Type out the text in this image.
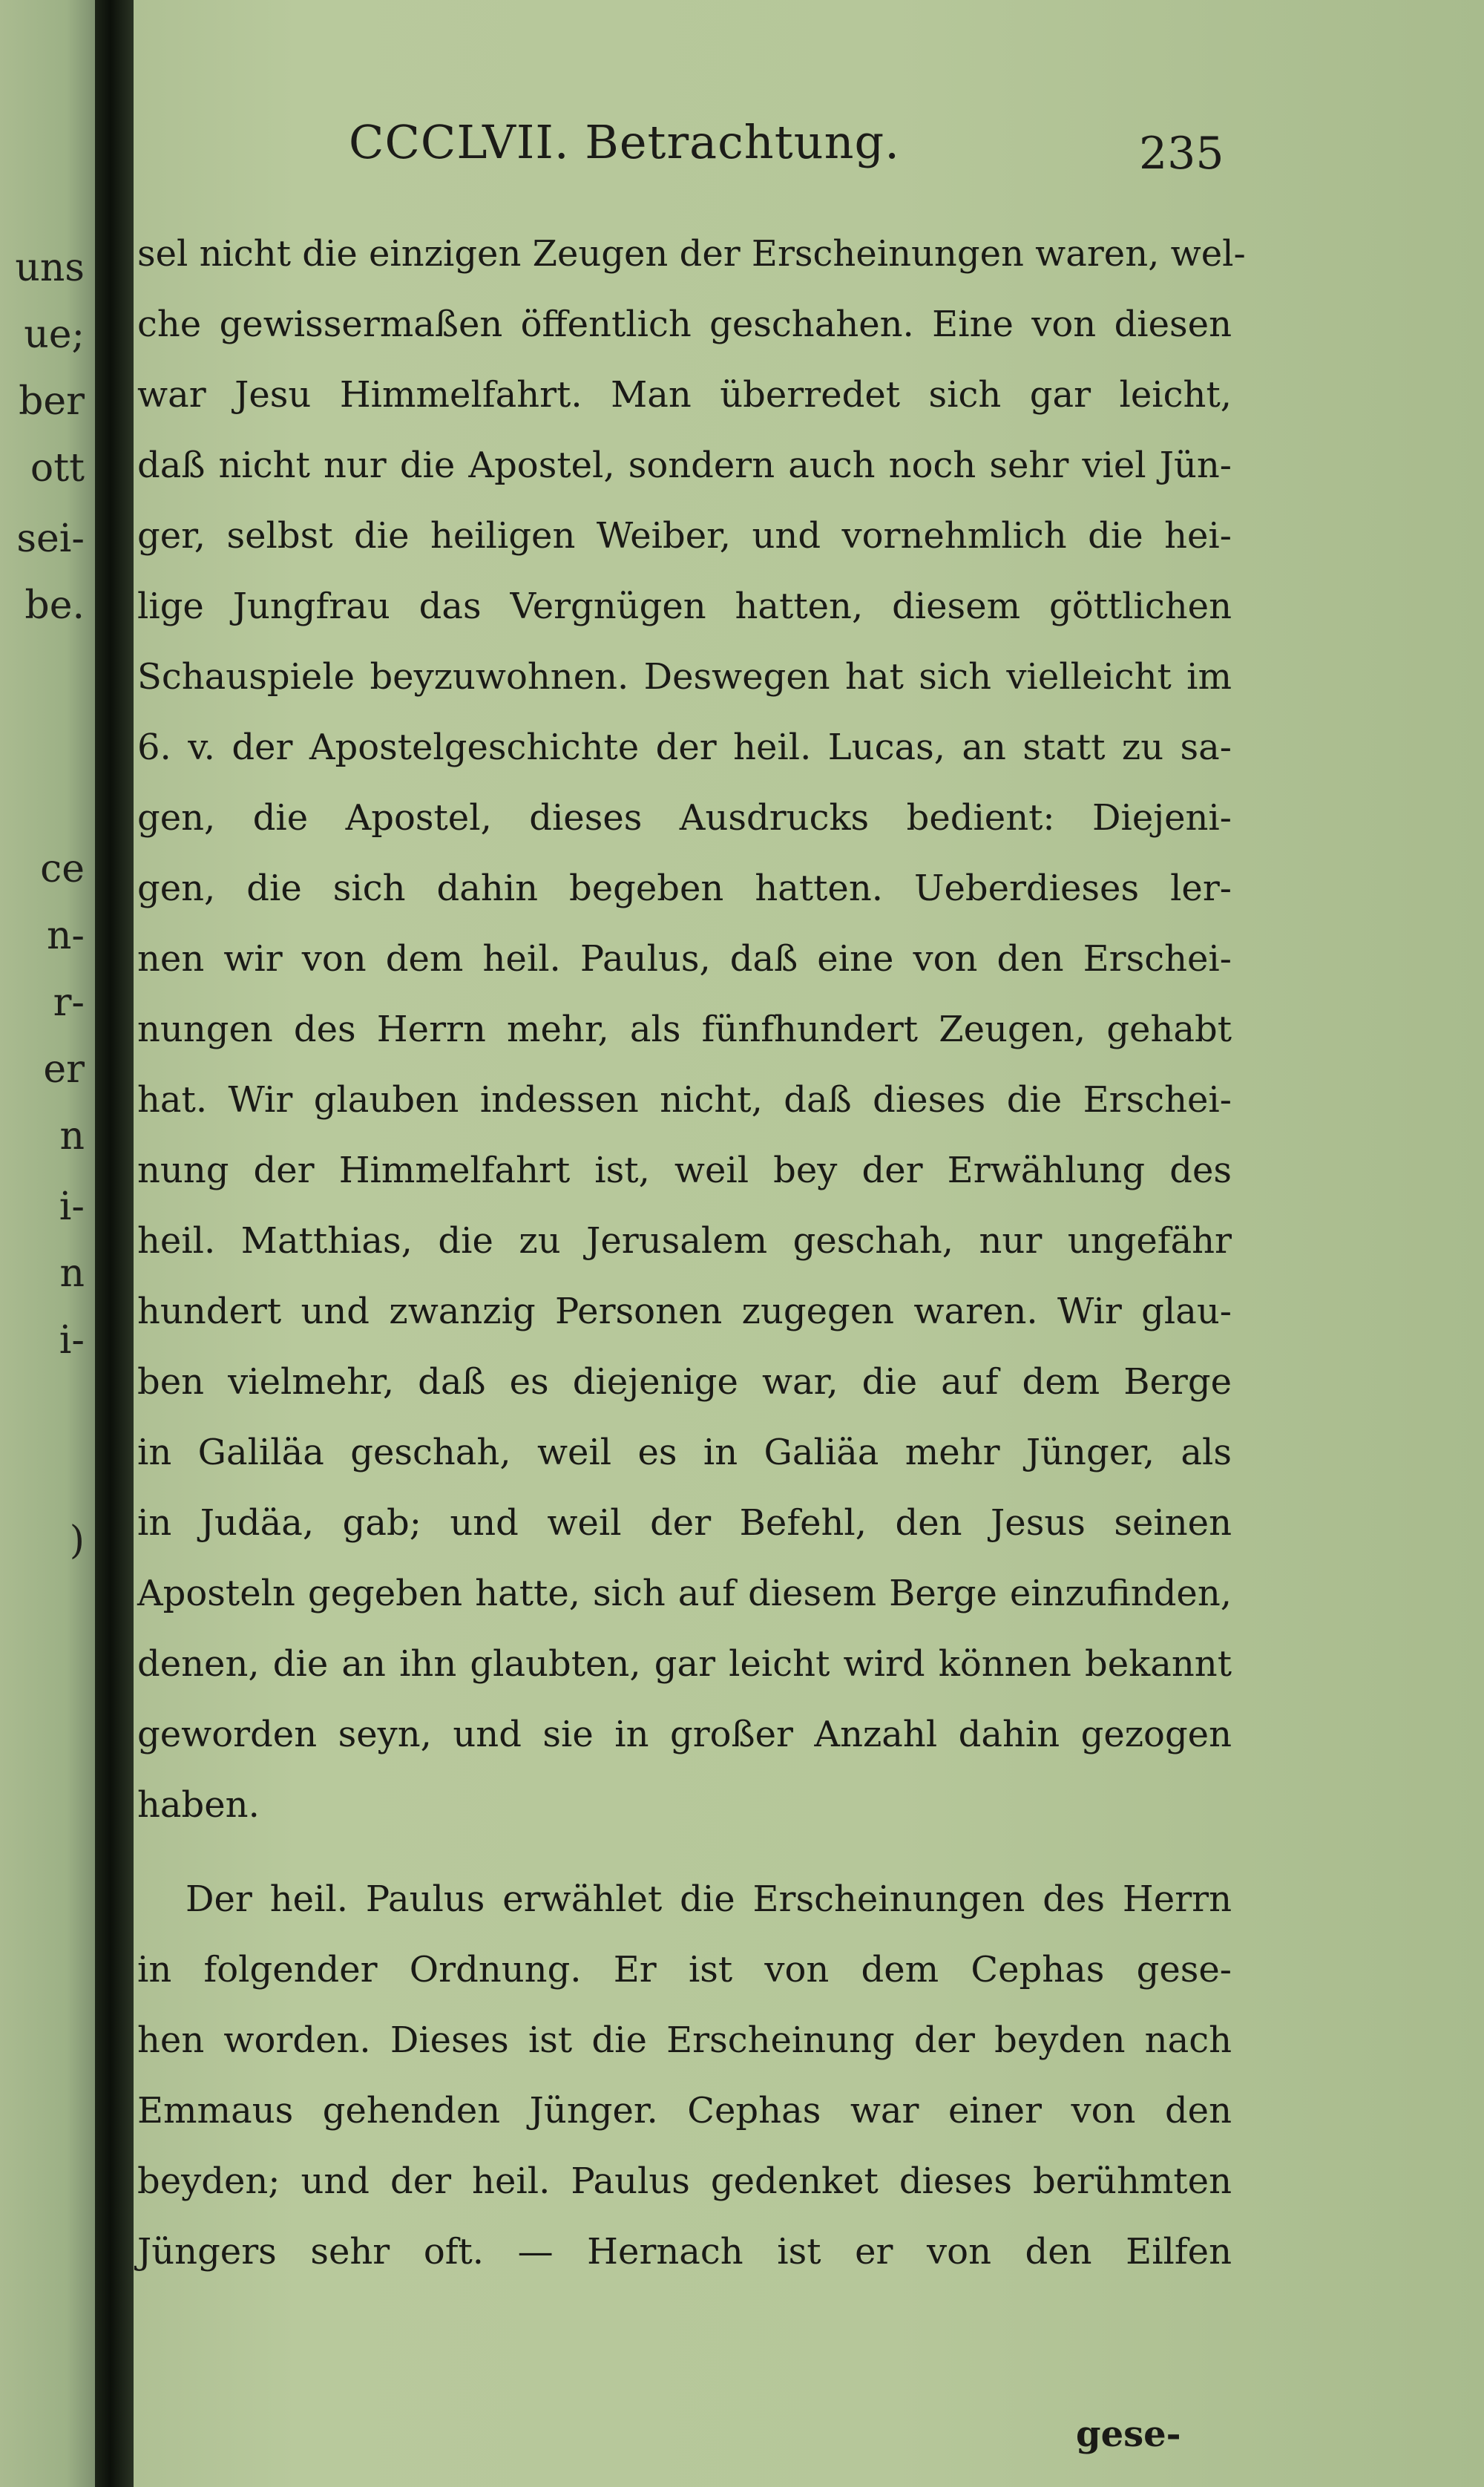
uns
ue;
ber
ott
sei-
be.
ce
n-
r-
er
n
i-
n
i-
)
CCCLVII. Betrachtung.	235
sel nicht die einzigen Zeugen der Erscheinungen waren, wel-
che gewissermaßen öffentlich geschahen. Eine von diesen
war Jesu Himmelfahrt. Man überredet sich gar leicht,
daß nicht nur die Apostel, sondern auch noch sehr viel Jün-
ger, selbst die heiligen Weiber, und vornehmlich die hei-
lige Jungfrau das Vergnügen hatten, diesem göttlichen
Schauspiele beyzuwohnen. Deswegen hat sich vielleicht im
6. v. der Apostelgeschichte der heil. Lucas, an statt zu sa-
gen, die Apostel, dieses Ausdrucks bedient: Diejeni-
gen, die sich dahin begeben hatten. Ueberdieses ler-
nen wir von dem heil. Paulus, daß eine von den Erschei-
nungen des Herrn mehr, als fünfhundert Zeugen, gehabt
hat. Wir glauben indessen nicht, daß dieses die Erschei-
nung der Himmelfahrt ist, weil bey der Erwählung des
heil. Matthias, die zu Jerusalem geschah, nur ungefähr
hundert und zwanzig Personen zugegen waren. Wir glau-
ben vielmehr, daß es diejenige war, die auf dem Berge
in Galiläa geschah, weil es in Galiäa mehr Jünger, als
in Judäa, gab; und weil der Befehl, den Jesus seinen
Aposteln gegeben hatte, sich auf diesem Berge einzufinden,
denen, die an ihn glaubten, gar leicht wird können bekannt
geworden seyn, und sie in großer Anzahl dahin gezogen
haben.
Der heil. Paulus erwählet die Erscheinungen des Herrn
in folgender Ordnung. Er ist von dem Cephas gese-
hen worden. Dieses ist die Erscheinung der beyden nach
Emmaus gehenden Jünger. Cephas war einer von den
beyden; und der heil. Paulus gedenket dieses berühmten
Jüngers sehr oft. — Hernach ist er von den Eilfen
gese-
